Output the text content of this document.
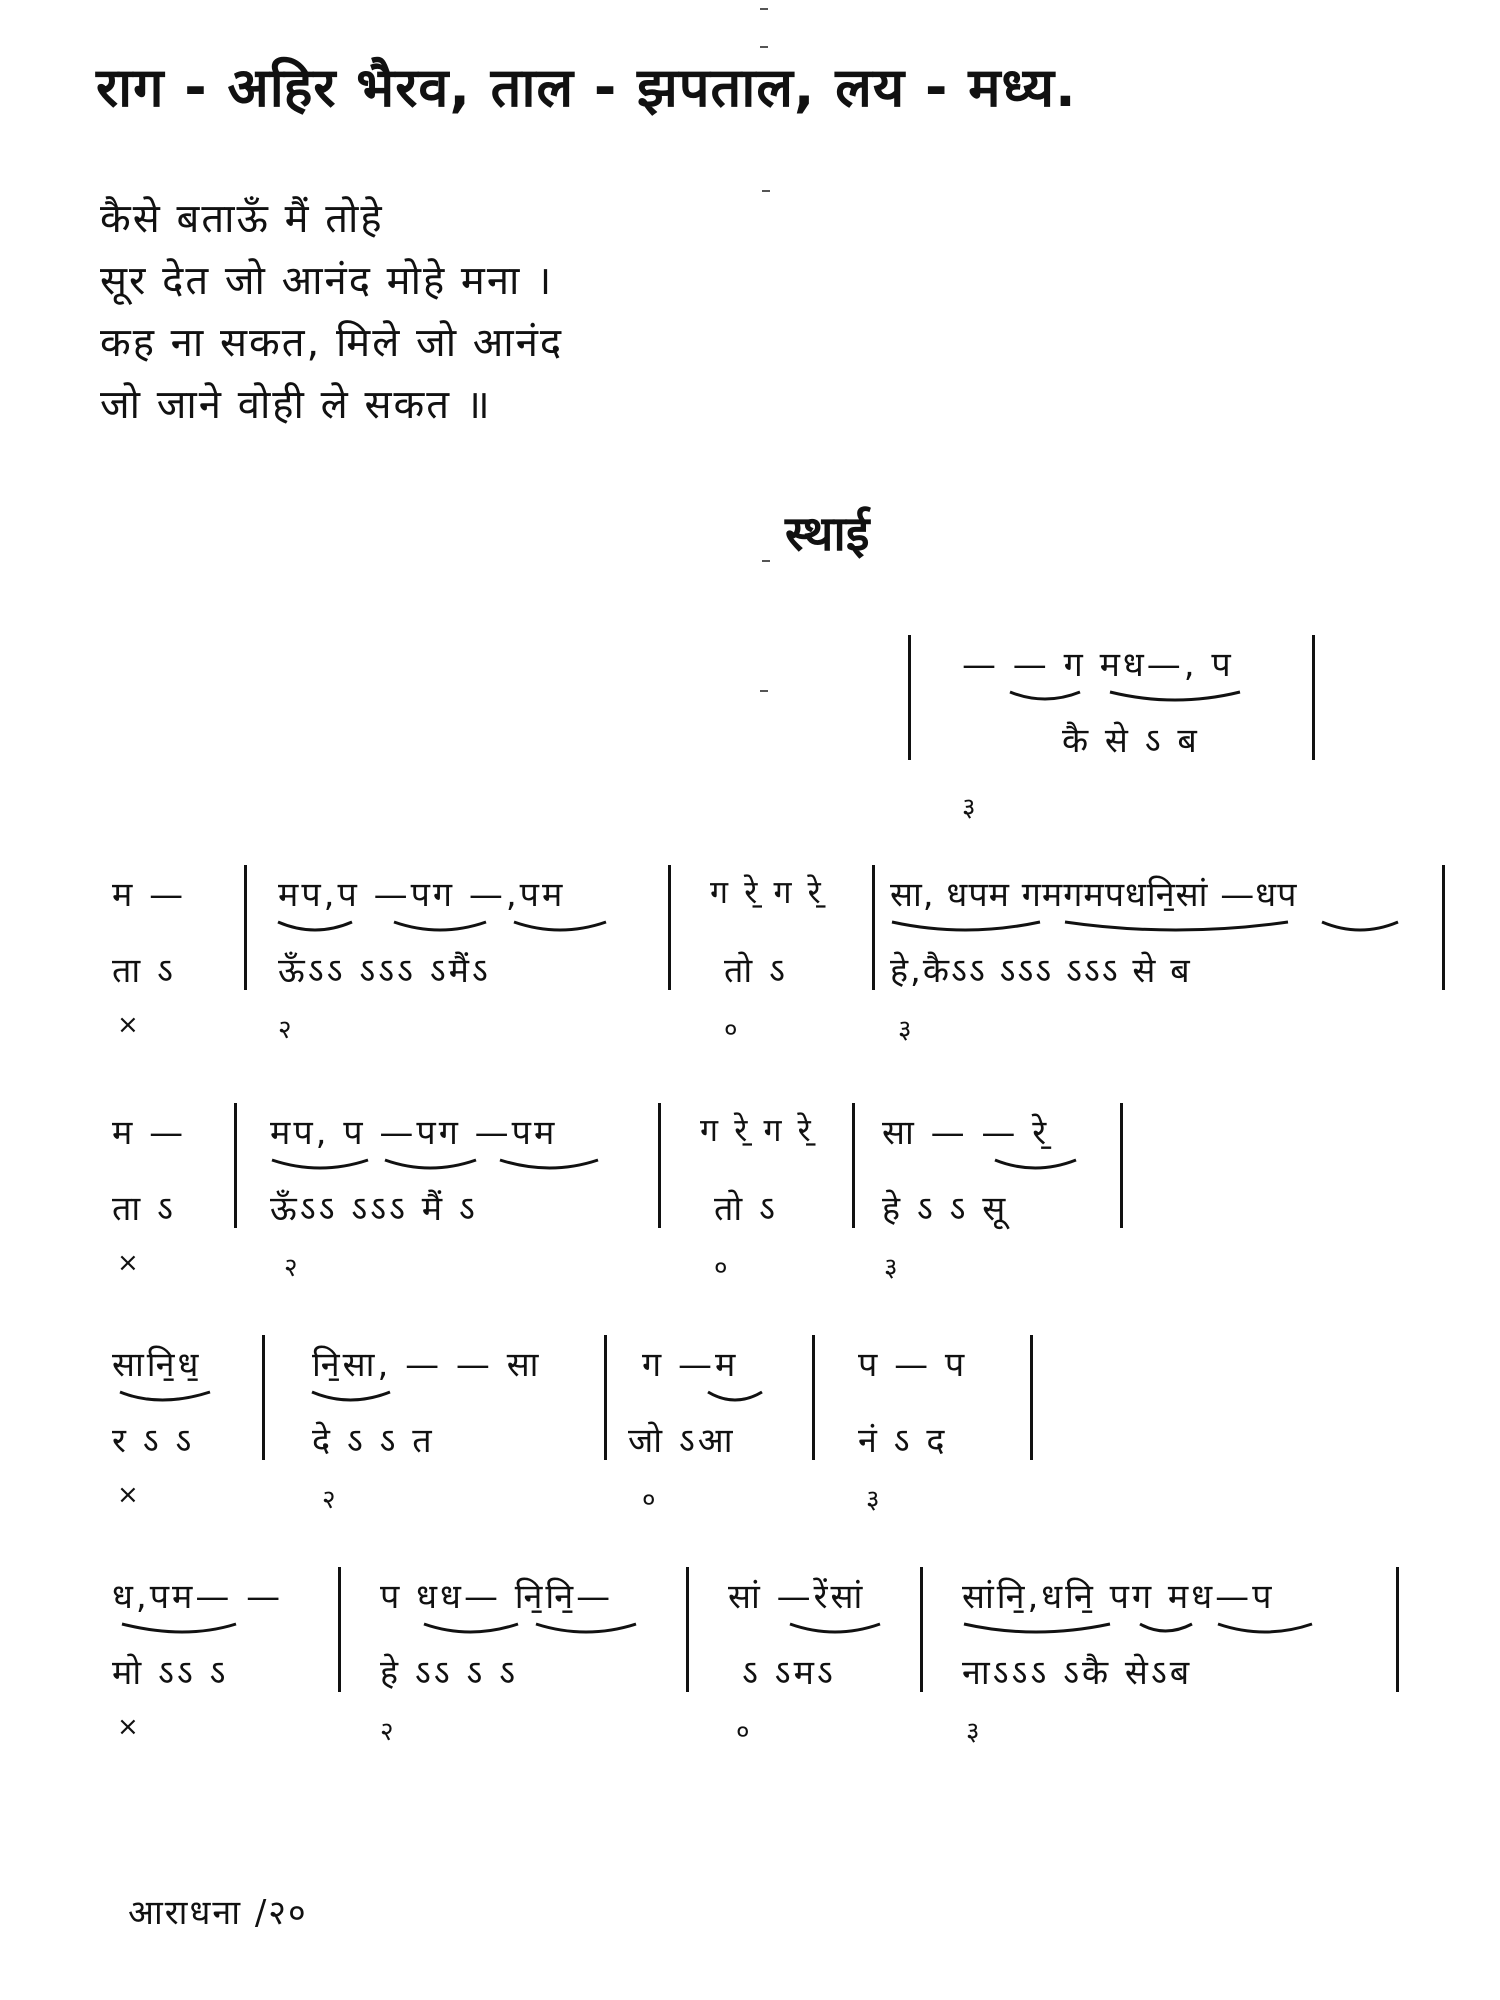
राग - अहिर भैरव, ताल - झपताल, लय - मध्य.
कैसे बताऊँ मैं तोहे
सूर देत जो आनंद मोहे मना ।
कह ना सकत, मिले जो आनंद
जो जाने वोही ले सकत ॥
स्थाई
— — ग मध—, प
कै से ऽ ब
३
म —
ता ऽ
×
मप,प —पग —,पम
ऊँऽऽ ऽऽऽ ऽमैंऽ
२
ग रे̱ ग रे̱
तो ऽ
०
सा, धपम गमगमपधनि̱सां —धप
हे,कैऽऽ ऽऽऽ ऽऽऽ से ब
३
म —
ता ऽ
×
मप, प —पग —पम
ऊँऽऽ ऽऽऽ मैं ऽ
२
ग रे̱ ग रे̱
तो ऽ
०
सा — — रे̱
हे ऽ ऽ सू
३
सानि̱ध̱
र ऽ ऽ
×
नि̱सा, — — सा
दे ऽ ऽ त
२
ग —म
जो ऽआ
०
प — प
नं ऽ द
३
ध,पम— —
मो ऽऽ ऽ
×
प धध— नि̱नि̱—
हे ऽऽ ऽ ऽ
२
सां —रेंसां
ऽ ऽमऽ
०
सांनि̱,धनि̱ पग मध—प
नाऽऽऽ ऽकै सेऽब
३
आराधना /२०
